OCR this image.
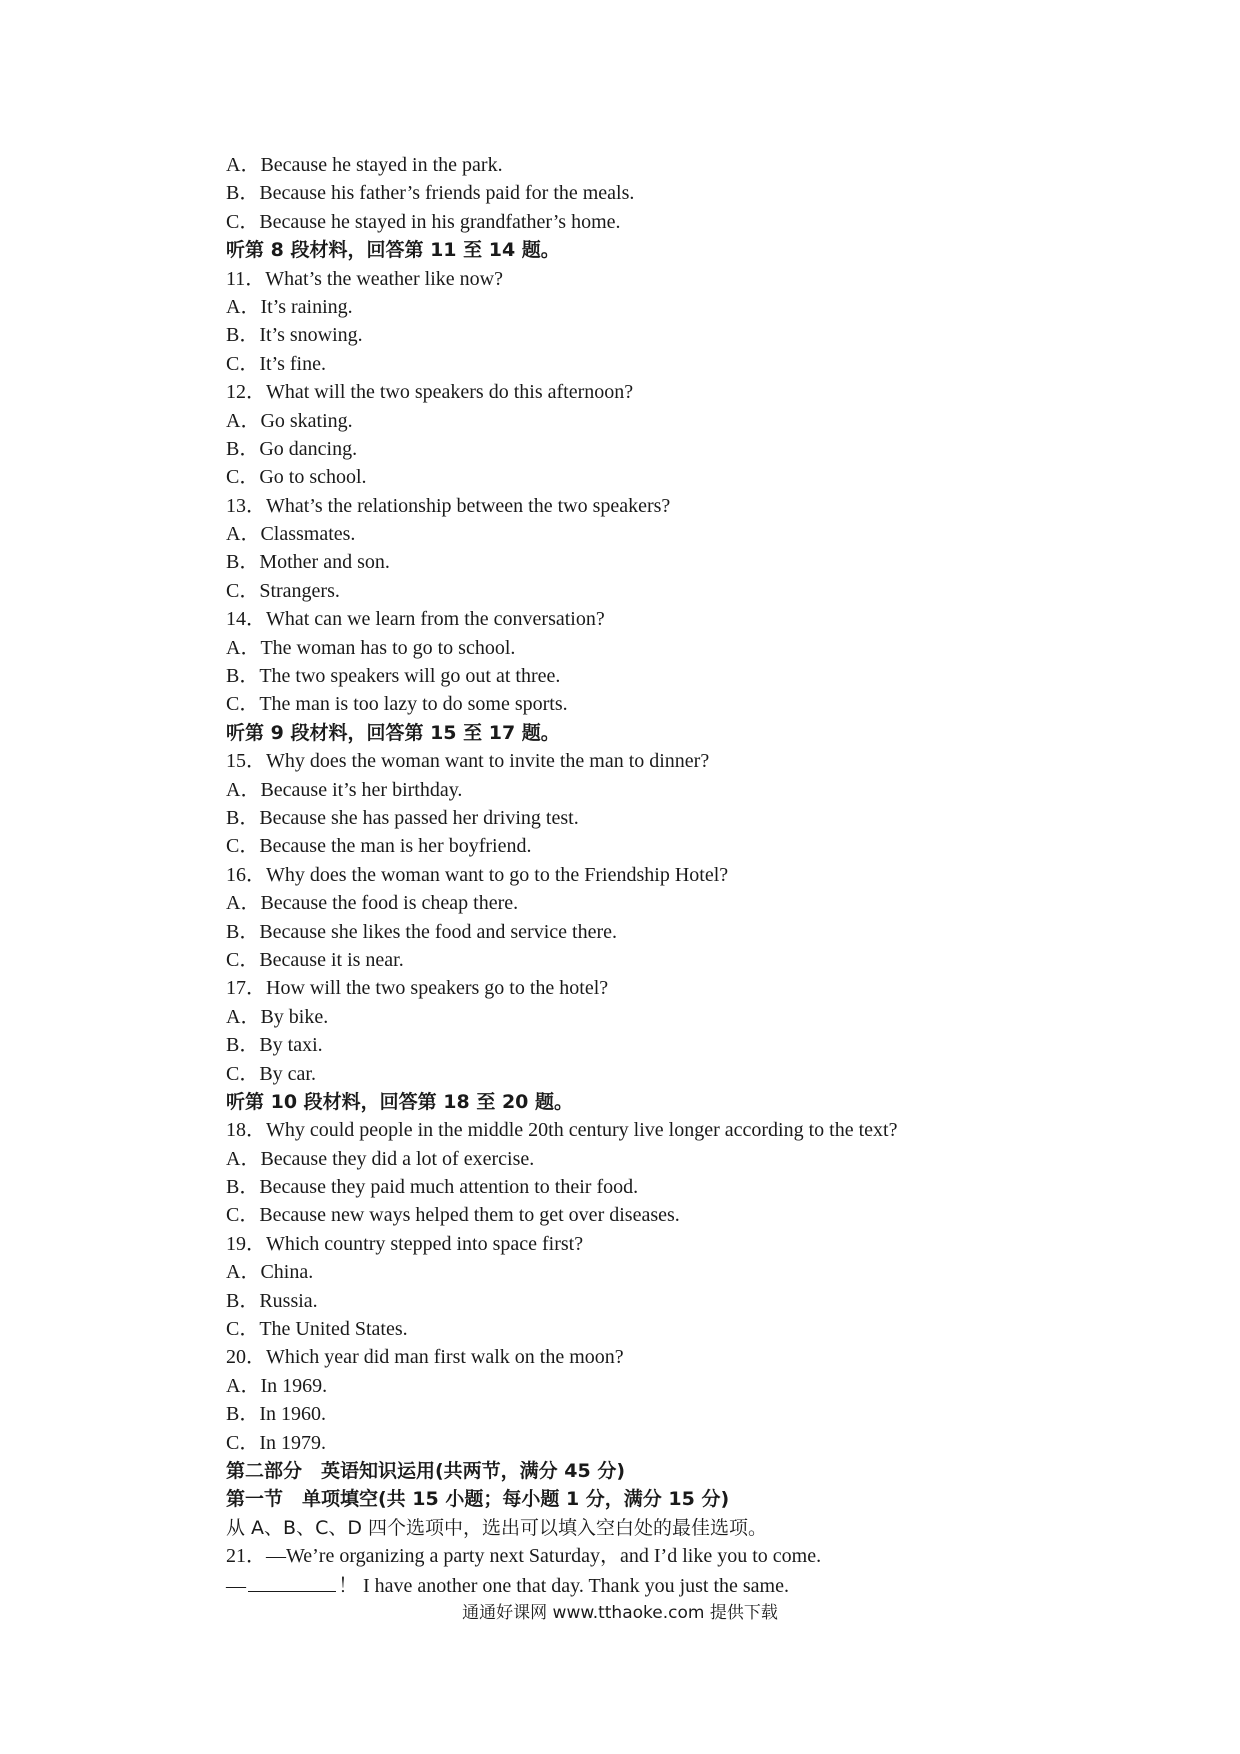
A．Because he stayed in the park.
B．Because his father’s friends paid for the meals.
C．Because he stayed in his grandfather’s home.
听第 8 段材料，回答第 11 至 14 题。
11．What’s the weather like now?
A．It’s raining.
B．It’s snowing.
C．It’s fine.
12．What will the two speakers do this afternoon?
A．Go skating.
B．Go dancing.
C．Go to school.
13．What’s the relationship between the two speakers?
A．Classmates.
B．Mother and son.
C．Strangers.
14．What can we learn from the conversation?
A．The woman has to go to school.
B．The two speakers will go out at three.
C．The man is too lazy to do some sports.
听第 9 段材料，回答第 15 至 17 题。
15．Why does the woman want to invite the man to dinner?
A．Because it’s her birthday.
B．Because she has passed her driving test.
C．Because the man is her boyfriend.
16．Why does the woman want to go to the Friendship Hotel?
A．Because the food is cheap there.
B．Because she likes the food and service there.
C．Because it is near.
17．How will the two speakers go to the hotel?
A．By bike.
B．By taxi.
C．By car.
听第 10 段材料，回答第 18 至 20 题。
18．Why could people in the middle 20th century live longer according to the text?
A．Because they did a lot of exercise.
B．Because they paid much attention to their food.
C．Because new ways helped them to get over diseases.
19．Which country stepped into space first?
A．China.
B．Russia.
C．The United States.
20．Which year did man first walk on the moon?
A．In 1969.
B．In 1960.
C．In 1979.
第二部分　英语知识运用(共两节，满分 45 分)
第一节　单项填空(共 15 小题；每小题 1 分，满分 15 分)
从 A、B、C、D 四个选项中，选出可以填入空白处的最佳选项。
21．—We’re organizing a party next Saturday，and I’d like you to come.
—	！ I have another one that day. Thank you just the same.
通通好课网 www.tthaoke.com 提供下载
